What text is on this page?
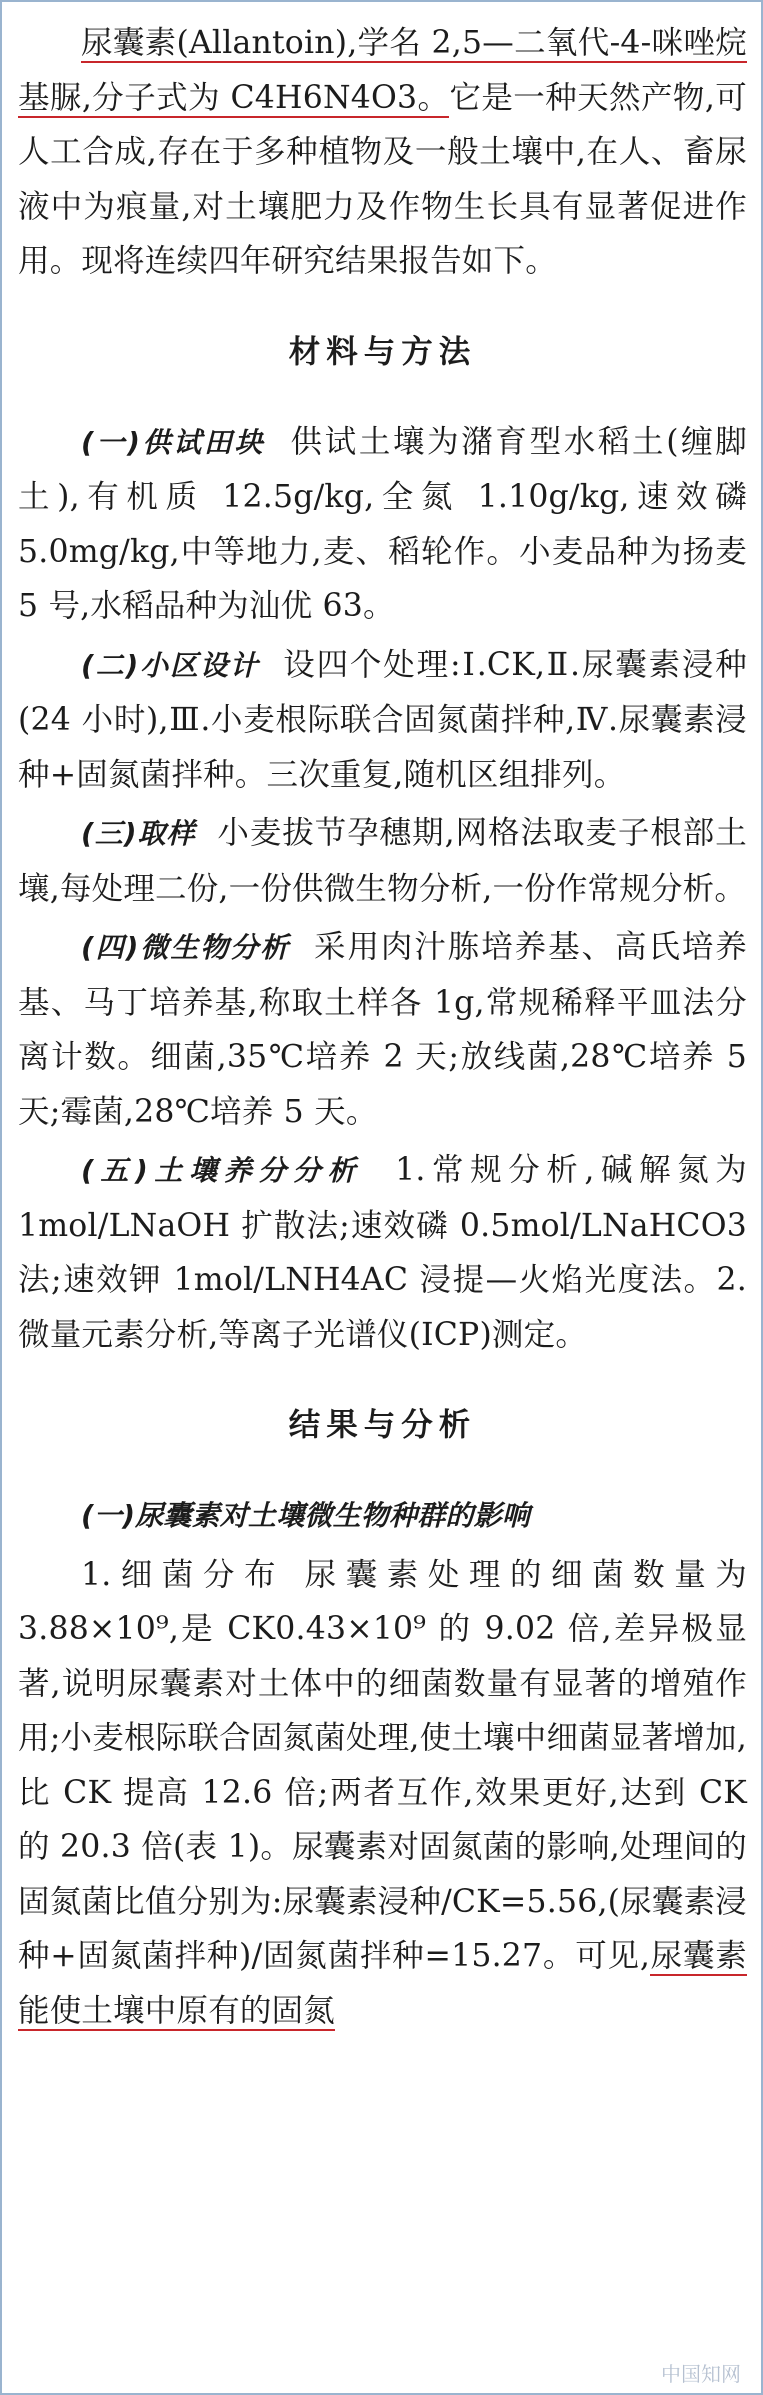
尿囊素(Allantoin),学名 2,5—二氧代-4-咪唑烷基脲,分子式为 C4H6N4O3。它是一种天然产物,可人工合成,存在于多种植物及一般土壤中,在人、畜尿液中为痕量,对土壤肥力及作物生长具有显著促进作用。现将连续四年研究结果报告如下。

材料与方法

(一)供试田块 供试土壤为潴育型水稻土(缠脚土),有机质 12.5g/kg,全氮 1.10g/kg,速效磷5.0mg/kg,中等地力,麦、稻轮作。小麦品种为扬麦 5 号,水稻品种为汕优 63。

(二)小区设计 设四个处理:Ⅰ.CK,Ⅱ.尿囊素浸种(24 小时),Ⅲ.小麦根际联合固氮菌拌种,Ⅳ.尿囊素浸种+固氮菌拌种。三次重复,随机区组排列。

(三)取样 小麦拔节孕穗期,网格法取麦子根部土壤,每处理二份,一份供微生物分析,一份作常规分析。

(四)微生物分析 采用肉汁胨培养基、高氏培养基、马丁培养基,称取土样各 1g,常规稀释平皿法分离计数。细菌,35℃培养 2 天;放线菌,28℃培养 5 天;霉菌,28℃培养 5 天。

(五)土壤养分分析 1.常规分析,碱解氮为 1mol/LNaOH 扩散法;速效磷 0.5mol/LNaHCO3 法;速效钾 1mol/LNH4AC 浸提—火焰光度法。2.微量元素分析,等离子光谱仪(ICP)测定。

结果与分析

(一)尿囊素对土壤微生物种群的影响

1.细菌分布 尿囊素处理的细菌数量为 3.88×10⁹,是 CK0.43×10⁹ 的 9.02 倍,差异极显著,说明尿囊素对土体中的细菌数量有显著的增殖作用;小麦根际联合固氮菌处理,使土壤中细菌显著增加,比 CK 提高 12.6 倍;两者互作,效果更好,达到 CK 的 20.3 倍(表 1)。尿囊素对固氮菌的影响,处理间的固氮菌比值分别为:尿囊素浸种/CK=5.56,(尿囊素浸种+固氮菌拌种)/固氮菌拌种=15.27。可见,尿囊素能使土壤中原有的固氮

中国知网
